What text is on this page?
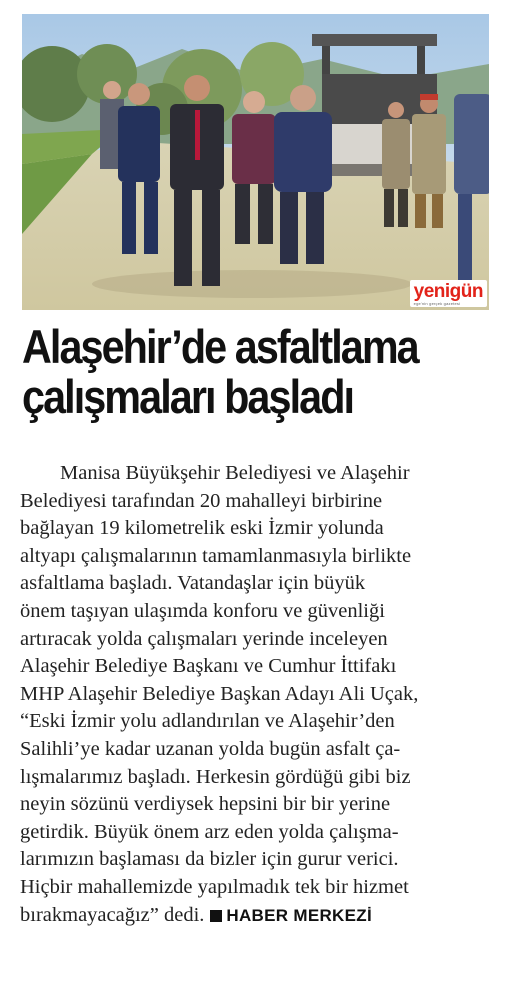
yenigün
ege'nin gerçek gazetesi
Alaşehir’de asfaltlama
çalışmaları başladı
Manisa Büyükşehir Belediyesi ve Alaşehir
Belediyesi tarafından 20 mahalleyi birbirine
bağlayan 19 kilometrelik eski İzmir yolunda
altyapı çalışmalarının tamamlanmasıyla birlikte
asfaltlama başladı. Vatandaşlar için büyük
önem taşıyan ulaşımda konforu ve güvenliği
artıracak yolda çalışmaları yerinde inceleyen
Alaşehir Belediye Başkanı ve Cumhur İttifakı
MHP Alaşehir Belediye Başkan Adayı Ali Uçak,
“Eski İzmir yolu adlandırılan ve Alaşehir’den
Salihli’ye kadar uzanan yolda bugün asfalt ça-
lışmalarımız başladı. Herkesin gördüğü gibi biz
neyin sözünü verdiysek hepsini bir bir yerine
getirdik. Büyük önem arz eden yolda çalışma-
larımızın başlaması da bizler için gurur verici.
Hiçbir mahallemizde yapılmadık tek bir hizmet
bırakmayacağız” dedi. HABER MERKEZİ
